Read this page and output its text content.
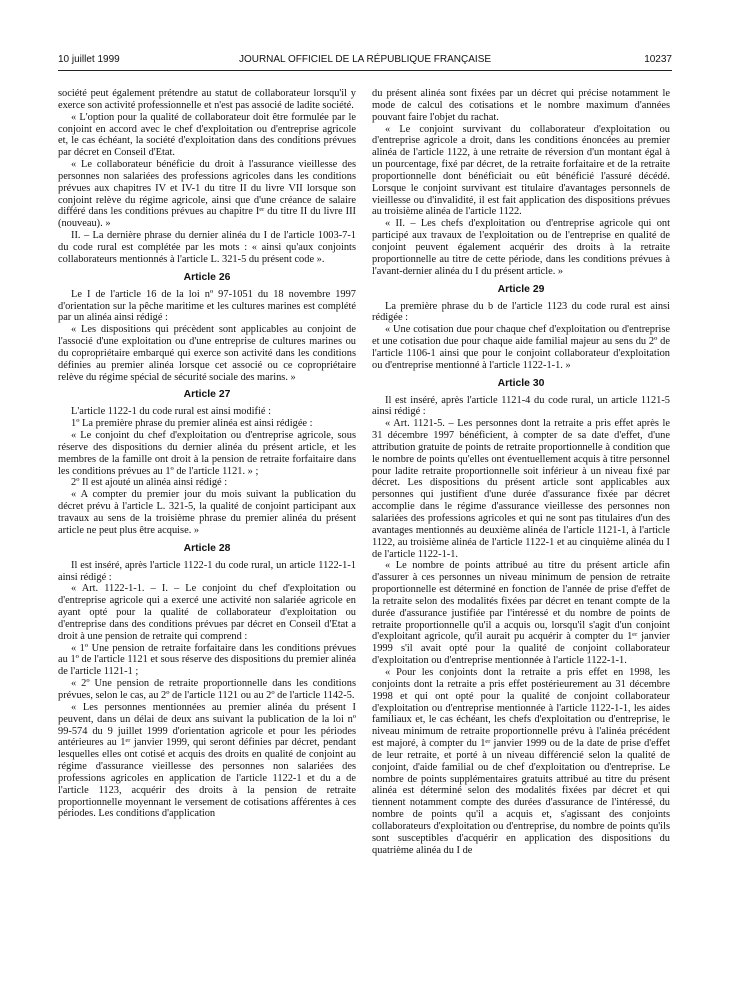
10 juillet 1999	JOURNAL OFFICIEL DE LA RÉPUBLIQUE FRANÇAISE	10237

société peut également prétendre au statut de collaborateur lorsqu'il y exerce son activité professionnelle et n'est pas associé de ladite société.

« L'option pour la qualité de collaborateur doit être formulée par le conjoint en accord avec le chef d'exploitation ou d'entreprise agricole et, le cas échéant, la société d'exploitation dans des conditions prévues par décret en Conseil d'Etat.

« Le collaborateur bénéficie du droit à l'assurance vieillesse des personnes non salariées des professions agricoles dans les conditions prévues aux chapitres IV et IV-1 du titre II du livre VII lorsque son conjoint relève du régime agricole, ainsi que d'une créance de salaire différé dans les conditions prévues au chapitre Iᵉʳ du titre II du livre III (nouveau). »

II. – La dernière phrase du dernier alinéa du I de l'article 1003-7-1 du code rural est complétée par les mots : « ainsi qu'aux conjoints collaborateurs mentionnés à l'article L. 321-5 du présent code ».

Article 26

Le I de l'article 16 de la loi nº 97-1051 du 18 novembre 1997 d'orientation sur la pêche maritime et les cultures marines est complété par un alinéa ainsi rédigé :

« Les dispositions qui précèdent sont applicables au conjoint de l'associé d'une exploitation ou d'une entreprise de cultures marines ou du copropriétaire embarqué qui exerce son activité dans les conditions définies au premier alinéa lorsque cet associé ou ce copropriétaire relève du régime spécial de sécurité sociale des marins. »

Article 27

L'article 1122-1 du code rural est ainsi modifié :

1º La première phrase du premier alinéa est ainsi rédigée :

« Le conjoint du chef d'exploitation ou d'entreprise agricole, sous réserve des dispositions du dernier alinéa du présent article, et les membres de la famille ont droit à la pension de retraite forfaitaire dans les conditions prévues au 1º de l'article 1121. » ;

2º Il est ajouté un alinéa ainsi rédigé :

« A compter du premier jour du mois suivant la publication du décret prévu à l'article L. 321-5, la qualité de conjoint participant aux travaux au sens de la troisième phrase du premier alinéa du présent article ne peut plus être acquise. »

Article 28

Il est inséré, après l'article 1122-1 du code rural, un article 1122-1-1 ainsi rédigé :

« Art. 1122-1-1. – I. – Le conjoint du chef d'exploitation ou d'entreprise agricole qui a exercé une activité non salariée agricole en ayant opté pour la qualité de collaborateur d'exploitation ou d'entreprise dans des conditions prévues par décret en Conseil d'Etat a droit à une pension de retraite qui comprend :

« 1º Une pension de retraite forfaitaire dans les conditions prévues au 1º de l'article 1121 et sous réserve des dispositions du premier alinéa de l'article 1121-1 ;

« 2º Une pension de retraite proportionnelle dans les conditions prévues, selon le cas, au 2º de l'article 1121 ou au 2º de l'article 1142-5.

« Les personnes mentionnées au premier alinéa du présent I peuvent, dans un délai de deux ans suivant la publication de la loi nº 99-574 du 9 juillet 1999 d'orientation agricole et pour les périodes antérieures au 1ᵉʳ janvier 1999, qui seront définies par décret, pendant lesquelles elles ont cotisé et acquis des droits en qualité de conjoint au régime d'assurance vieillesse des personnes non salariées des professions agricoles en application de l'article 1122-1 et du a de l'article 1123, acquérir des droits à la pension de retraite proportionnelle moyennant le versement de cotisations afférentes à ces périodes. Les conditions d'application

du présent alinéa sont fixées par un décret qui précise notamment le mode de calcul des cotisations et le nombre maximum d'années pouvant faire l'objet du rachat.

« Le conjoint survivant du collaborateur d'exploitation ou d'entreprise agricole a droit, dans les conditions énoncées au premier alinéa de l'article 1122, à une retraite de réversion d'un montant égal à un pourcentage, fixé par décret, de la retraite forfaitaire et de la retraite proportionnelle dont bénéficiait ou eût bénéficié l'assuré décédé. Lorsque le conjoint survivant est titulaire d'avantages personnels de vieillesse ou d'invalidité, il est fait application des dispositions prévues au troisième alinéa de l'article 1122.

« II. – Les chefs d'exploitation ou d'entreprise agricole qui ont participé aux travaux de l'exploitation ou de l'entreprise en qualité de conjoint peuvent également acquérir des droits à la retraite proportionnelle au titre de cette période, dans les conditions prévues à l'avant-dernier alinéa du I du présent article. »

Article 29

La première phrase du b de l'article 1123 du code rural est ainsi rédigée :

« Une cotisation due pour chaque chef d'exploitation ou d'entreprise et une cotisation due pour chaque aide familial majeur au sens du 2º de l'article 1106-1 ainsi que pour le conjoint collaborateur d'exploitation ou d'entreprise mentionné à l'article 1122-1-1. »

Article 30

Il est inséré, après l'article 1121-4 du code rural, un article 1121-5 ainsi rédigé :

« Art. 1121-5. – Les personnes dont la retraite a pris effet après le 31 décembre 1997 bénéficient, à compter de sa date d'effet, d'une attribution gratuite de points de retraite proportionnelle à condition que le nombre de points qu'elles ont éventuellement acquis à titre personnel pour ladite retraite proportionnelle soit inférieur à un niveau fixé par décret. Les dispositions du présent article sont applicables aux personnes qui justifient d'une durée d'assurance fixée par décret accomplie dans le régime d'assurance vieillesse des personnes non salariées des professions agricoles et qui ne sont pas titulaires d'un des avantages mentionnés au deuxième alinéa de l'article 1121-1, à l'article 1122, au troisième alinéa de l'article 1122-1 et au cinquième alinéa du I de l'article 1122-1-1.

« Le nombre de points attribué au titre du présent article afin d'assurer à ces personnes un niveau minimum de pension de retraite proportionnelle est déterminé en fonction de l'année de prise d'effet de la retraite selon des modalités fixées par décret en tenant compte de la durée d'assurance justifiée par l'intéressé et du nombre de points de retraite proportionnelle qu'il a acquis ou, lorsqu'il s'agit d'un conjoint d'exploitant agricole, qu'il aurait pu acquérir à compter du 1ᵉʳ janvier 1999 s'il avait opté pour la qualité de conjoint collaborateur d'exploitation ou d'entreprise mentionnée à l'article 1122-1-1.

« Pour les conjoints dont la retraite a pris effet en 1998, les conjoints dont la retraite a pris effet postérieurement au 31 décembre 1998 et qui ont opté pour la qualité de conjoint collaborateur d'exploitation ou d'entreprise mentionnée à l'article 1122-1-1, les aides familiaux et, le cas échéant, les chefs d'exploitation ou d'entreprise, le niveau minimum de retraite proportionnelle prévu à l'alinéa précédent est majoré, à compter du 1ᵉʳ janvier 1999 ou de la date de prise d'effet de leur retraite, et porté à un niveau différencié selon la qualité de conjoint, d'aide familial ou de chef d'exploitation ou d'entreprise. Le nombre de points supplémentaires gratuits attribué au titre du présent alinéa est déterminé selon des modalités fixées par décret et qui tiennent notamment compte des durées d'assurance de l'intéressé, du nombre de points qu'il a acquis et, s'agissant des conjoints collaborateurs d'exploitation ou d'entreprise, du nombre de points qu'ils sont susceptibles d'acquérir en application des dispositions du quatrième alinéa du I de
